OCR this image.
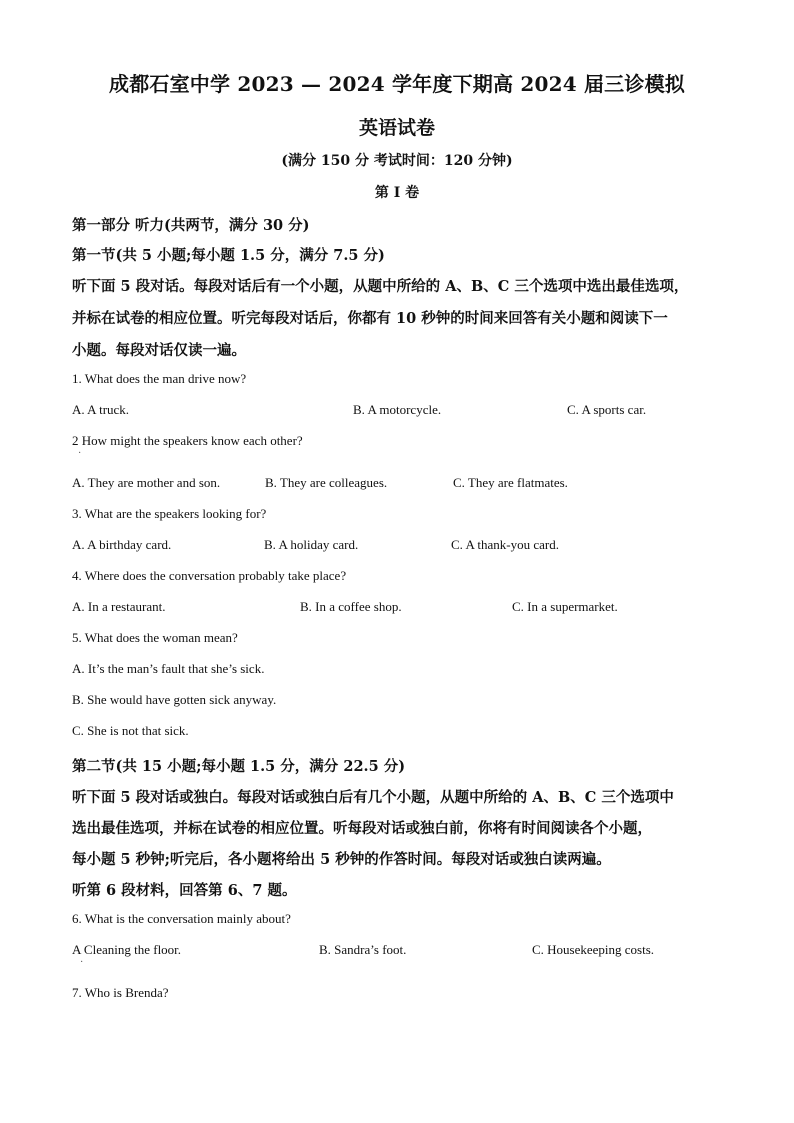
成都石室中学 2023 — 2024 学年度下期高 2024 届三诊模拟
英语试卷
(满分 150 分 考试时间：120 分钟)
第 I 卷
第一部分 听力(共两节，满分 30 分)
第一节(共 5 小题;每小题 1.5 分，满分 7.5 分)
听下面 5 段对话。每段对话后有一个小题，从题中所给的 A、B、C 三个选项中选出最佳选项，
并标在试卷的相应位置。听完每段对话后，你都有 10 秒钟的时间来回答有关小题和阅读下一
小题。每段对话仅读一遍。
1. What does the man drive now?
A. A truck.	B. A motorcycle.	C. A sports car.
2 How might the speakers know each other?
·
A. They are mother and son.	B. They are colleagues.	C. They are flatmates.
3. What are the speakers looking for?
A. A birthday card.	B. A holiday card.	C. A thank-you card.
4. Where does the conversation probably take place?
A. In a restaurant.	B. In a coffee shop.	C. In a supermarket.
5. What does the woman mean?
A. It’s the man’s fault that she’s sick.
B. She would have gotten sick anyway.
C. She is not that sick.
第二节(共 15 小题;每小题 1.5 分，满分 22.5 分)
听下面 5 段对话或独白。每段对话或独白后有几个小题，从题中所给的 A、B、C 三个选项中
选出最佳选项，并标在试卷的相应位置。听每段对话或独白前，你将有时间阅读各个小题，
每小题 5 秒钟;听完后，各小题将给出 5 秒钟的作答时间。每段对话或独白读两遍。
听第 6 段材料，回答第 6、7 题。
6. What is the conversation mainly about?
A Cleaning the floor.
·
B. Sandra’s foot.	C. Housekeeping costs.
7. Who is Brenda?
